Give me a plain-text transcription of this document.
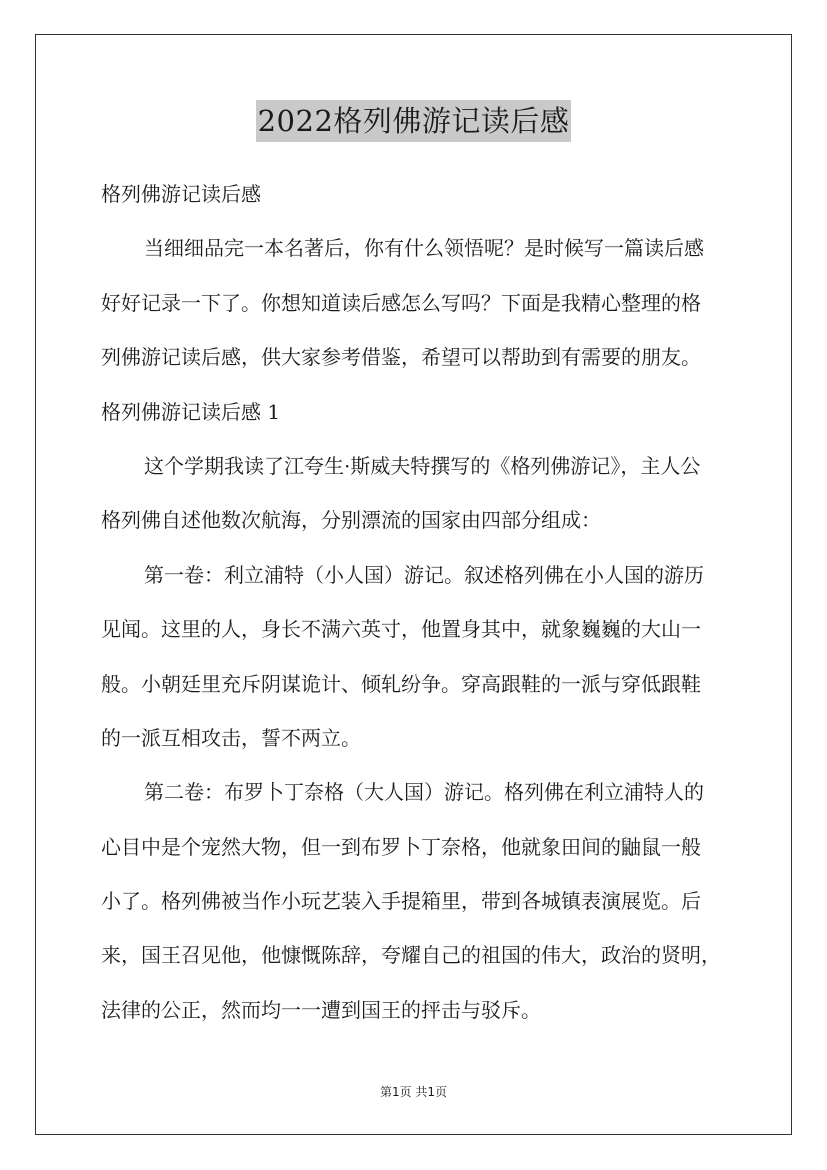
2022格列佛游记读后感
格列佛游记读后感
当细细品完一本名著后，你有什么领悟呢？是时候写一篇读后感
好好记录一下了。你想知道读后感怎么写吗？下面是我精心整理的格
列佛游记读后感，供大家参考借鉴，希望可以帮助到有需要的朋友。
格列佛游记读后感 1
这个学期我读了江夸生·斯威夫特撰写的《格列佛游记》，主人公
格列佛自述他数次航海，分别漂流的国家由四部分组成：
第一卷：利立浦特（小人国）游记。叙述格列佛在小人国的游历
见闻。这里的人，身长不满六英寸，他置身其中，就象巍巍的大山一
般。小朝廷里充斥阴谋诡计、倾轧纷争。穿高跟鞋的一派与穿低跟鞋
的一派互相攻击，誓不两立。
第二卷：布罗卜丁奈格（大人国）游记。格列佛在利立浦特人的
心目中是个宠然大物，但一到布罗卜丁奈格，他就象田间的鼬鼠一般
小了。格列佛被当作小玩艺装入手提箱里，带到各城镇表演展览。后
来，国王召见他，他慷慨陈辞，夸耀自己的祖国的伟大，政治的贤明，
法律的公正，然而均一一遭到国王的抨击与驳斥。
第1页 共1页
